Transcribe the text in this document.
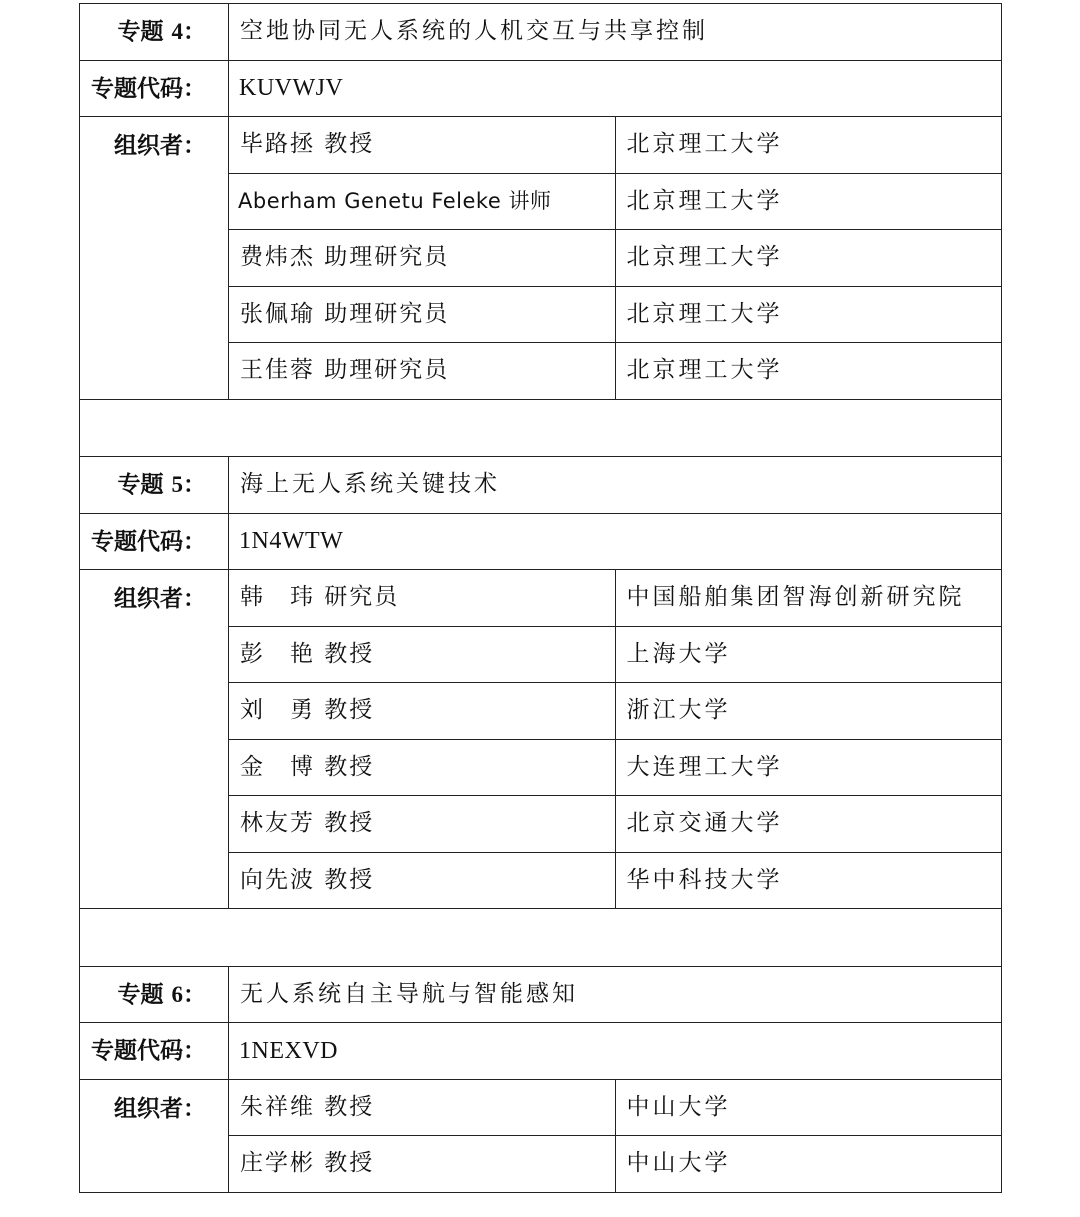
专题 4：	空地协同无人系统的人机交互与共享控制	
专题代码：	KUVWJV	
组织者：	毕路拯 教授	北京理工大学
	Aberham Genetu Feleke 讲师	北京理工大学
	费炜杰 助理研究员	北京理工大学
	张佩瑜 助理研究员	北京理工大学
	王佳蓉 助理研究员	北京理工大学

专题 5：	海上无人系统关键技术	
专题代码：	1N4WTW	
组织者：	韩　玮 研究员	中国船舶集团智海创新研究院
	彭　艳 教授	上海大学
	刘　勇 教授	浙江大学
	金　博 教授	大连理工大学
	林友芳 教授	北京交通大学
	向先波 教授	华中科技大学

专题 6：	无人系统自主导航与智能感知	
专题代码：	1NEXVD	
组织者：	朱祥维 教授	中山大学
	庄学彬 教授	中山大学
